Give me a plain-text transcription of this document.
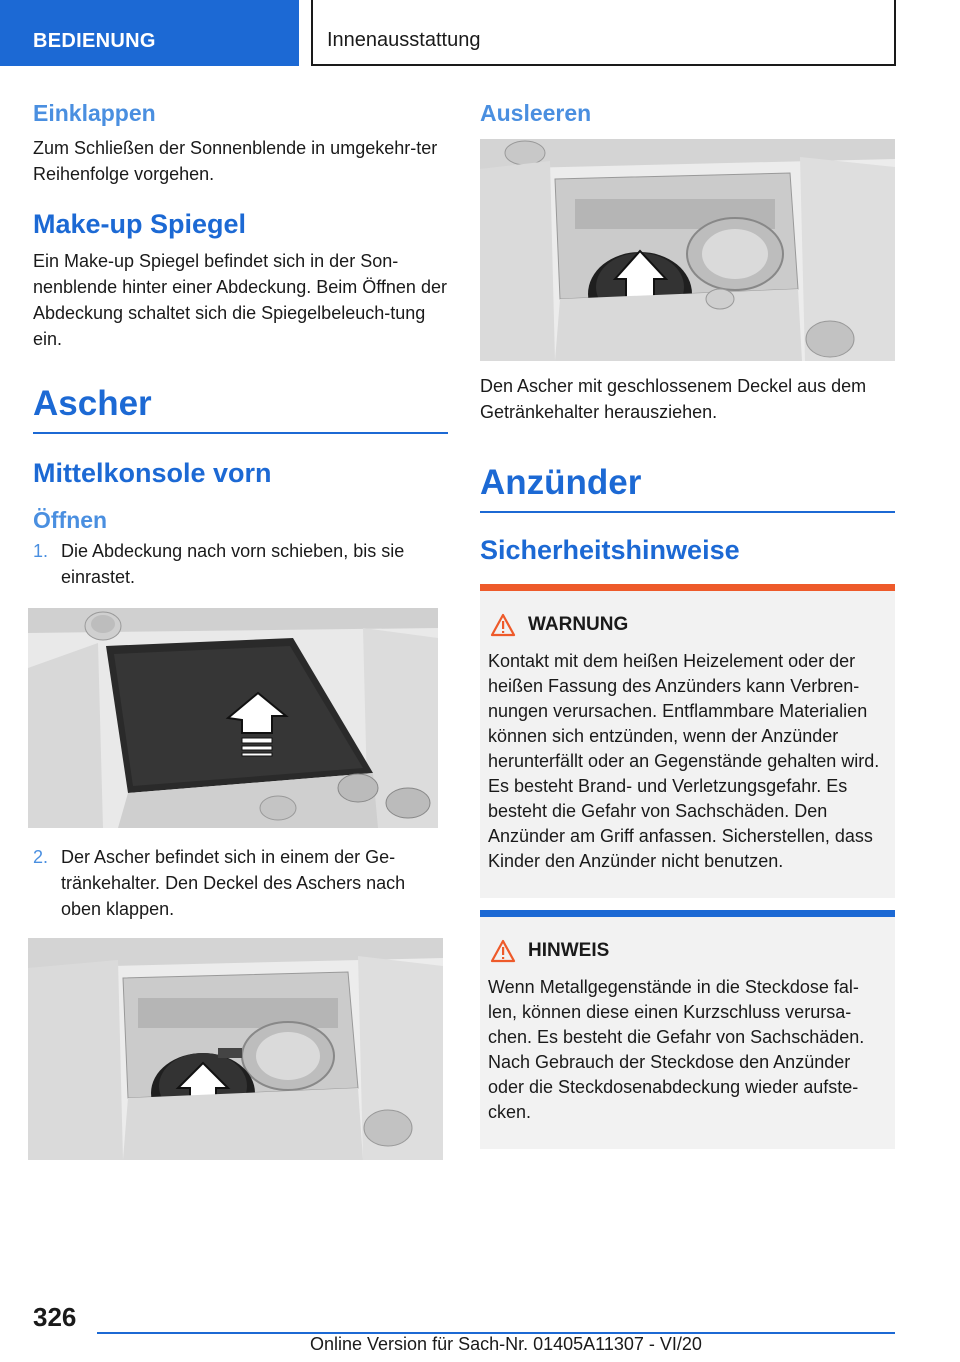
BEDIENUNG	Innenausstattung
Einklappen

Zum Schließen der Sonnenblende in umgekehr-ter Reihenfolge vorgehen.

Make-up Spiegel

Ein Make-up Spiegel befindet sich in der Son-nenblende hinter einer Abdeckung. Beim Öffnen der Abdeckung schaltet sich die Spiegelbeleuch-tung ein.

Ascher
Mittelkonsole vorn
Öffnen
1. Die Abdeckung nach vorn schieben, bis sie einrastet.
2. Der Ascher befindet sich in einem der Ge-tränkehalter. Den Deckel des Aschers nach oben klappen.
Ausleeren

Den Ascher mit geschlossenem Deckel aus dem Getränkehalter herausziehen.

Anzünder
Sicherheitshinweise
WARNUNG

Kontakt mit dem heißen Heizelement oder der heißen Fassung des Anzünders kann Verbren-nungen verursachen. Entflammbare Materialien können sich entzünden, wenn der Anzünder herunterfällt oder an Gegenstände gehalten wird. Es besteht Brand- und Verletzungsgefahr. Es besteht die Gefahr von Sachschäden. Den Anzünder am Griff anfassen. Sicherstellen, dass Kinder den Anzünder nicht benutzen.

HINWEIS

Wenn Metallgegenstände in die Steckdose fal-len, können diese einen Kurzschluss verursa-chen. Es besteht die Gefahr von Sachschäden. Nach Gebrauch der Steckdose den Anzünder oder die Steckdosenabdeckung wieder aufste-cken.

326
Online Version für Sach-Nr. 01405A11307 - VI/20
